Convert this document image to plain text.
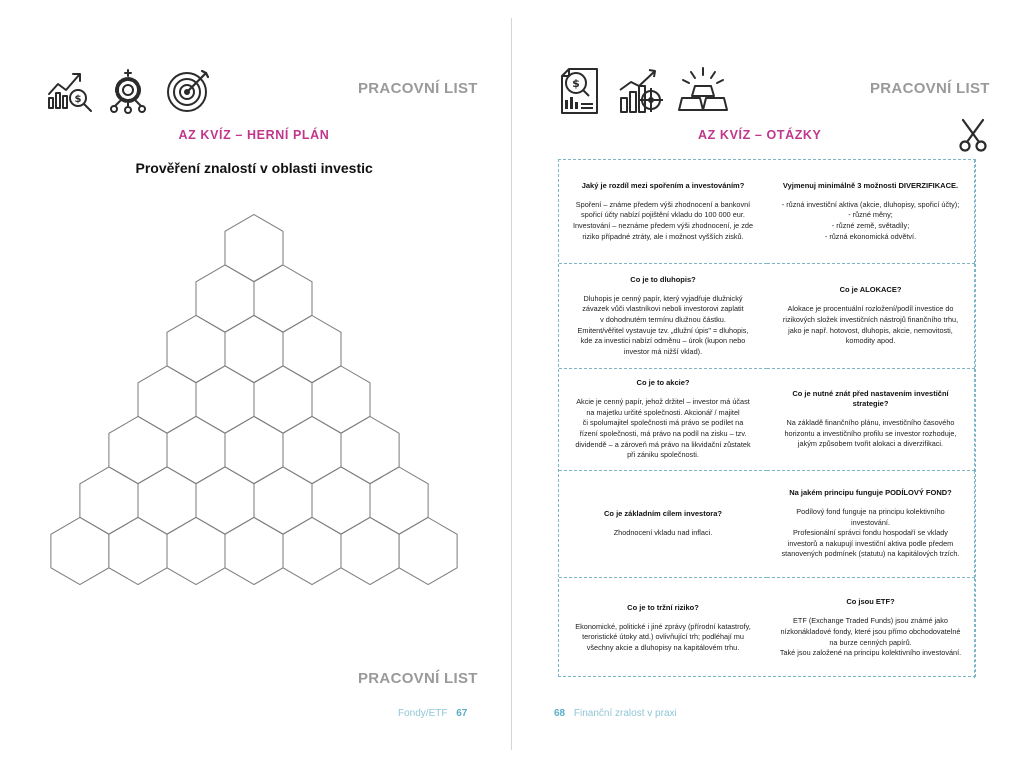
$
PRACOVNÍ LIST
AZ KVÍZ – HERNÍ PLÁN
Prověření znalostí v oblasti investic
PRACOVNÍ LIST
Fondy/ETF 67
$	PRACOVNÍ LIST
AZ KVÍZ – OTÁZKY
68 Finanční zralost v praxi
Jaký je rozdíl mezi spořením a investováním?
Spoření – známe předem výši zhodnocení a bankovní
spořicí účty nabízí pojištění vkladu do 100 000 eur.
Investování – neznáme předem výši zhodnocení, je zde
riziko případné ztráty, ale i možnost vyšších zisků.
Vyjmenuj minimálně 3 možnosti DIVERZIFIKACE.
- různá investiční aktiva (akcie, dluhopisy, spořicí účty);
- různé měny;
- různé země, světadíly;
- různá ekonomická odvětví.
Co je to dluhopis?
Dluhopis je cenný papír, který vyjadřuje dlužnický
závazek vůči vlastníkovi neboli investorovi zaplatit
v dohodnutém termínu dlužnou částku.
Emitent/věřitel vystavuje tzv. „dlužní úpis" = dluhopis,
kde za investici nabízí odměnu – úrok (kupon nebo
investor má nižší vklad).
Co je ALOKACE?
Alokace je procentuální rozložení/podíl investice do
rizikových složek investičních nástrojů finančního trhu,
jako je např. hotovost, dluhopis, akcie, nemovitosti,
komodity apod.
Co je to akcie?
Akcie je cenný papír, jehož držitel – investor má účast
na majetku určité společnosti. Akcionář / majitel
či spolumajitel společnosti má právo se podílet na
řízení společnosti, má právo na podíl na zisku – tzv.
dividendě – a zároveň má právo na likvidační zůstatek
při zániku společnosti.
Co je nutné znát před nastavením investiční strategie?
Na základě finančního plánu, investičního časového
horizontu a investičního profilu se investor rozhoduje,
jakým způsobem tvořit alokaci a diverzifikaci.
Co je základním cílem investora?
Zhodnocení vkladu nad inflaci.
Na jakém principu funguje PODÍLOVÝ FOND?
Podílový fond funguje na principu kolektivního
investování.
Profesionální správci fondu hospodaří se vklady
investorů a nakupují investiční aktiva podle předem
stanovených podmínek (statutu) na kapitálových trzích.
Co je to tržní riziko?
Ekonomické, politické i jiné zprávy (přírodní katastrofy,
teroristické útoky atd.) ovlivňující trh; podléhají mu
všechny akcie a dluhopisy na kapitálovém trhu.
Co jsou ETF?
ETF (Exchange Traded Funds) jsou známé jako
nízkonákladové fondy, které jsou přímo obchodovatelné
na burze cenných papírů.
Také jsou založené na principu kolektivního investování.
